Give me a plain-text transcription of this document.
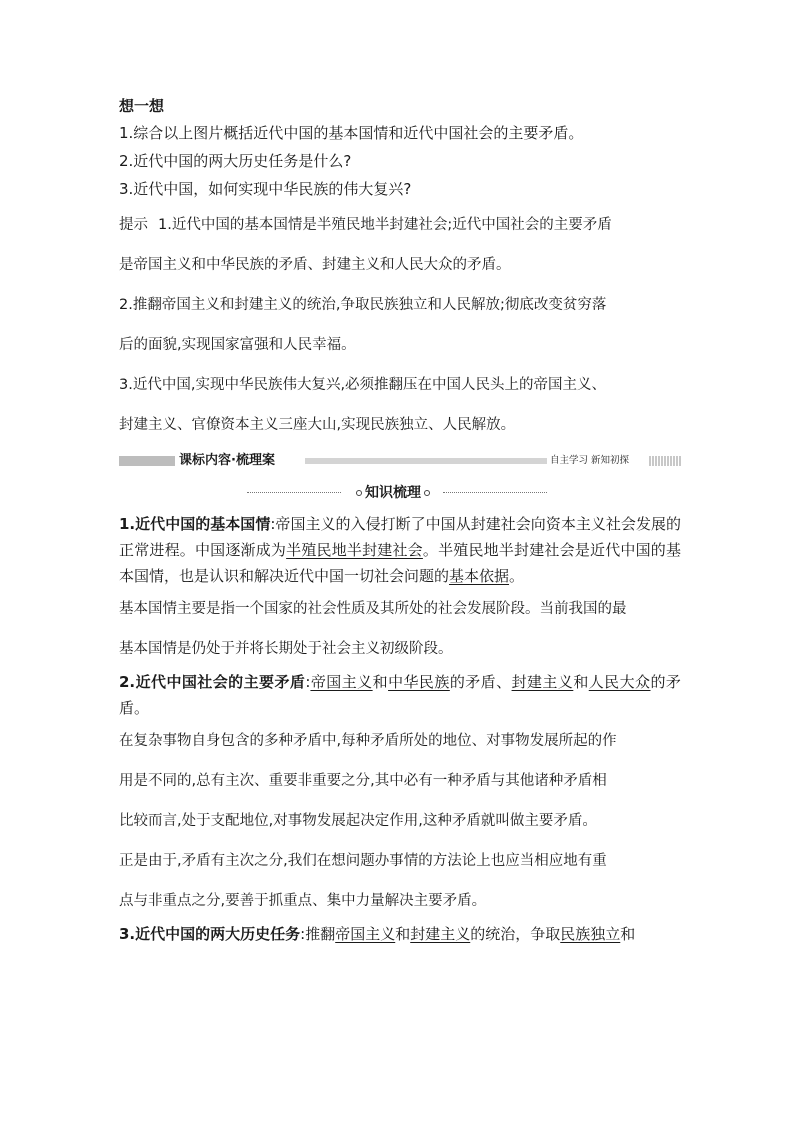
想一想

1.综合以上图片概括近代中国的基本国情和近代中国社会的主要矛盾。

2.近代中国的两大历史任务是什么?

3.近代中国，如何实现中华民族的伟大复兴?

提示 1.近代中国的基本国情是半殖民地半封建社会;近代中国社会的主要矛盾

是帝国主义和中华民族的矛盾、封建主义和人民大众的矛盾。

2.推翻帝国主义和封建主义的统治,争取民族独立和人民解放;彻底改变贫穷落

后的面貌,实现国家富强和人民幸福。

3.近代中国,实现中华民族伟大复兴,必须推翻压在中国人民头上的帝国主义、

封建主义、官僚资本主义三座大山,实现民族独立、人民解放。

课标内容·梳理案	自主学习 新知初探
知识梳理

1.近代中国的基本国情:帝国主义的入侵打断了中国从封建社会向资本主义社会发展的正常进程。中国逐渐成为半殖民地半封建社会。半殖民地半封建社会是近代中国的基本国情，也是认识和解决近代中国一切社会问题的基本依据。

基本国情主要是指一个国家的社会性质及其所处的社会发展阶段。当前我国的最

基本国情是仍处于并将长期处于社会主义初级阶段。

2.近代中国社会的主要矛盾:帝国主义和中华民族的矛盾、封建主义和人民大众的矛盾。

在复杂事物自身包含的多种矛盾中,每种矛盾所处的地位、对事物发展所起的作

用是不同的,总有主次、重要非重要之分,其中必有一种矛盾与其他诸种矛盾相

比较而言,处于支配地位,对事物发展起决定作用,这种矛盾就叫做主要矛盾。

正是由于,矛盾有主次之分,我们在想问题办事情的方法论上也应当相应地有重

点与非重点之分,要善于抓重点、集中力量解决主要矛盾。

3.近代中国的两大历史任务:推翻帝国主义和封建主义的统治，争取民族独立和
